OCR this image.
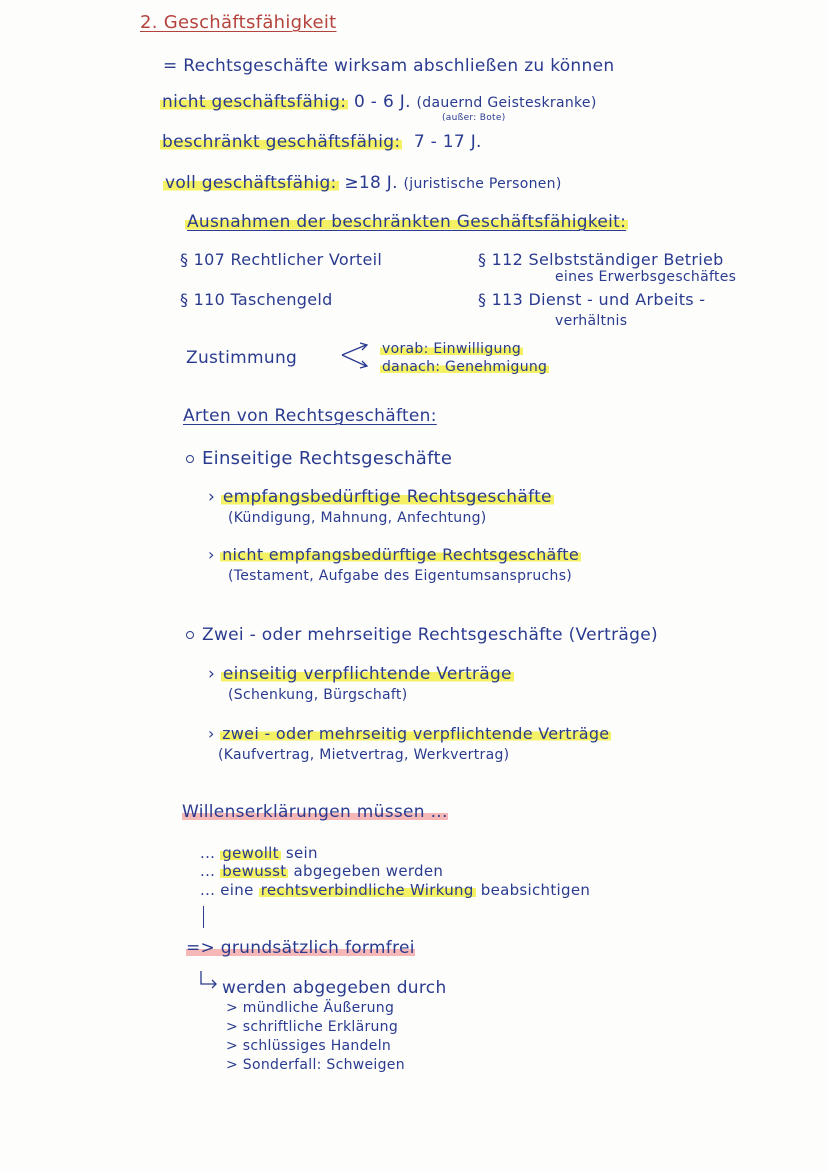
2. Geschäftsfähigkeit
= Rechtsgeschäfte wirksam abschließen zu können
nicht geschäftsfähig: 0 - 6 J. (dauernd Geisteskranke)
(außer: Bote)
beschränkt geschäftsfähig: 7 - 17 J.
voll geschäftsfähig: ≥18 J. (juristische Personen)
Ausnahmen der beschränkten Geschäftsfähigkeit:
§ 107 Rechtlicher Vorteil	§ 112 Selbstständiger Betrieb
eines Erwerbsgeschäftes
§ 110 Taschengeld	§ 113 Dienst - und Arbeits -
verhältnis
Zustimmung	vorab: Einwilligung
danach: Genehmigung
Arten von Rechtsgeschäften:
Einseitige Rechtsgeschäfte
› empfangsbedürftige Rechtsgeschäfte
(Kündigung, Mahnung, Anfechtung)
› nicht empfangsbedürftige Rechtsgeschäfte
(Testament, Aufgabe des Eigentumsanspruchs)
Zwei - oder mehrseitige Rechtsgeschäfte (Verträge)
› einseitig verpflichtende Verträge
(Schenkung, Bürgschaft)
› zwei - oder mehrseitig verpflichtende Verträge
(Kaufvertrag, Mietvertrag, Werkvertrag)
Willenserklärungen müssen ...
... gewollt sein
... bewusst abgegeben werden
... eine rechtsverbindliche Wirkung beabsichtigen
=> grundsätzlich formfrei
werden abgegeben durch
> mündliche Äußerung
> schriftliche Erklärung
> schlüssiges Handeln
> Sonderfall: Schweigen
